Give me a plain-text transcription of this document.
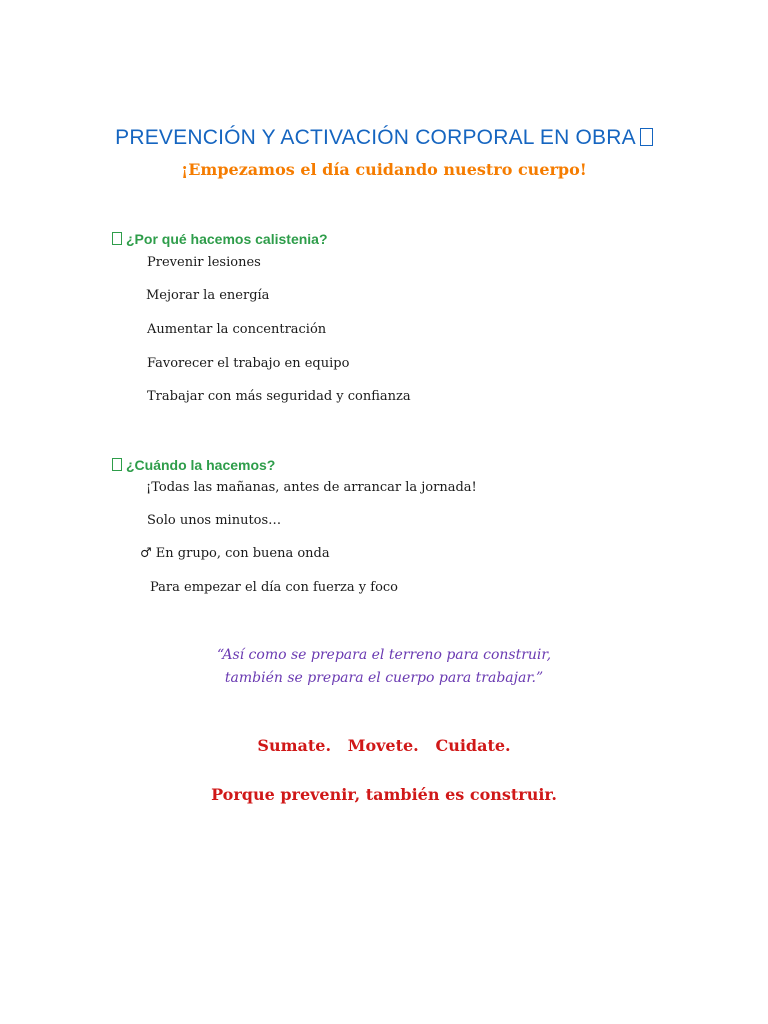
PREVENCIÓN Y ACTIVACIÓN CORPORAL EN OBRA
¡Empezamos el día cuidando nuestro cuerpo!
¿Por qué hacemos calistenia?
Prevenir lesiones
Mejorar la energía
Aumentar la concentración
Favorecer el trabajo en equipo
Trabajar con más seguridad y confianza
¿Cuándo la hacemos?
¡Todas las mañanas, antes de arrancar la jornada!
Solo unos minutos…
♂ En grupo, con buena onda
Para empezar el día con fuerza y foco
“Así como se prepara el terreno para construir,
también se prepara el cuerpo para trabajar.”
Sumate.   Movete.   Cuidate.
Porque prevenir, también es construir.
